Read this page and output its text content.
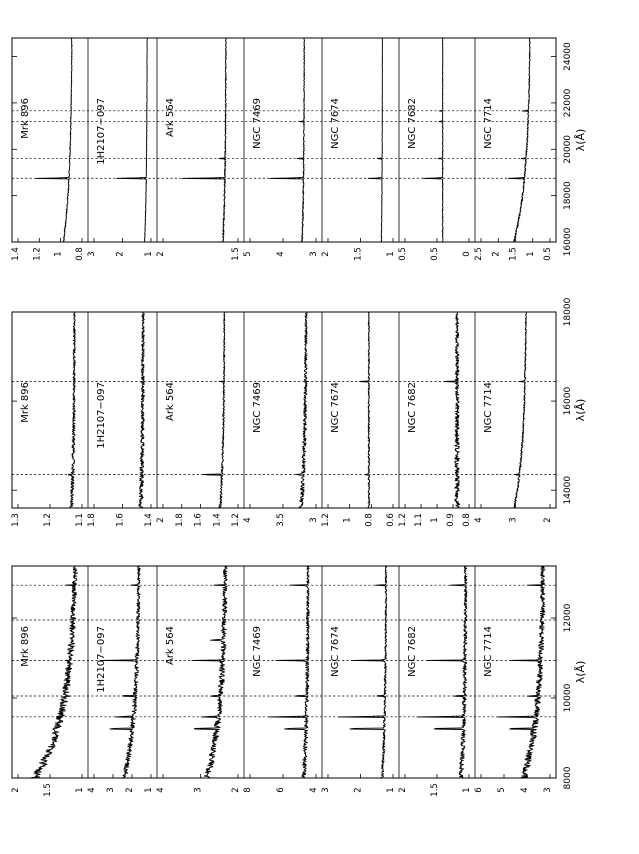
8000
10000
12000
λ(Å)
2	1.5	1
Mrk 896
4 3 2 1
1H2107−097
4	3	2
Ark 564
8	6	4
NGC 7469
3	2	1
NGC 7674
2	1.5	1
NGC 7682
6 5 4 3
NGC 7714
14000
16000
18000
λ(Å)
1.3	1.2	1.1
Mrk 896
1.8 1.6 1.4
1H2107−097
2 1.8 1.6 1.4 1.2
Ark 564
4	3.5	3
NGC 7469
1.2 1 0.8 0.6
NGC 7674
1.2 1.1 1 0.9 0.8
NGC 7682
4	3	2
NGC 7714
16000
18000
20000
22000
24000
λ(Å)
1.4 1.2 1 0.8
Mrk 896
3 2 1
1H2107−097
2	1.5
Ark 564
5	4	3
NGC 7469
2	1.5	1
NGC 7674
0.5	0.5	0
NGC 7682
2.5 2 1.5 1 0.5
NGC 7714
